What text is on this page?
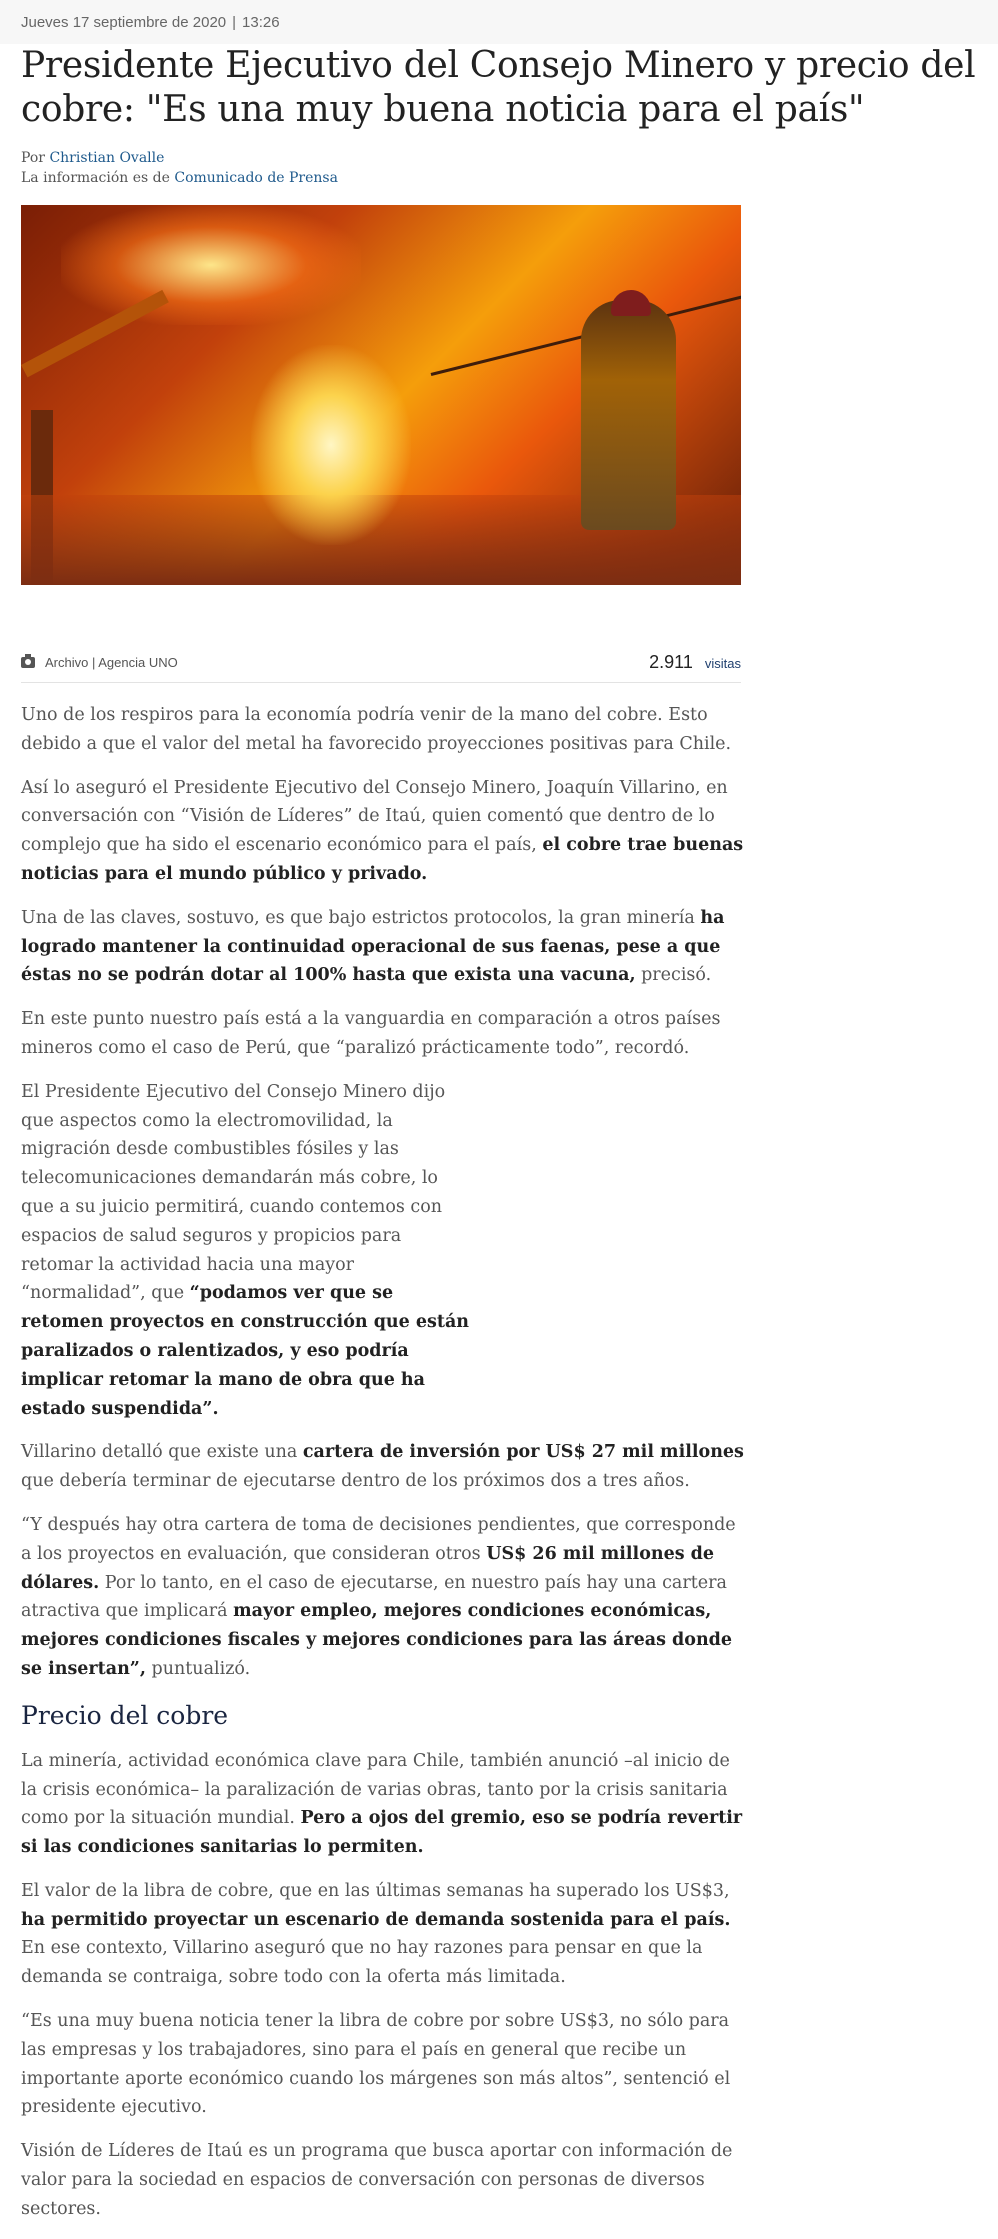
Jueves 17 septiembre de 2020 | 13:26
Presidente Ejecutivo del Consejo Minero y precio del cobre: "Es una muy buena noticia para el país"
Por Christian Ovalle
La información es de Comunicado de Prensa
Archivo | Agencia UNO	2.911 visitas

Uno de los respiros para la economía podría venir de la mano del cobre. Esto debido a que el valor del metal ha favorecido proyecciones positivas para Chile.

Así lo aseguró el Presidente Ejecutivo del Consejo Minero, Joaquín Villarino, en conversación con “Visión de Líderes” de Itaú, quien comentó que dentro de lo complejo que ha sido el escenario económico para el país, el cobre trae buenas noticias para el mundo público y privado.

Una de las claves, sostuvo, es que bajo estrictos protocolos, la gran minería ha logrado mantener la continuidad operacional de sus faenas, pese a que éstas no se podrán dotar al 100% hasta que exista una vacuna, precisó.

En este punto nuestro país está a la vanguardia en comparación a otros países mineros como el caso de Perú, que “paralizó prácticamente todo”, recordó.

El Presidente Ejecutivo del Consejo Minero dijo que aspectos como la electromovilidad, la migración desde combustibles fósiles y las telecomunicaciones demandarán más cobre, lo que a su juicio permitirá, cuando contemos con espacios de salud seguros y propicios para retomar la actividad hacia una mayor “normalidad”, que “podamos ver que se retomen proyectos en construcción que están paralizados o ralentizados, y eso podría implicar retomar la mano de obra que ha estado suspendida”.

Villarino detalló que existe una cartera de inversión por US$ 27 mil millones que debería terminar de ejecutarse dentro de los próximos dos a tres años.

“Y después hay otra cartera de toma de decisiones pendientes, que corresponde a los proyectos en evaluación, que consideran otros US$ 26 mil millones de dólares. Por lo tanto, en el caso de ejecutarse, en nuestro país hay una cartera atractiva que implicará mayor empleo, mejores condiciones económicas, mejores condiciones fiscales y mejores condiciones para las áreas donde se insertan”, puntualizó.

Precio del cobre

La minería, actividad económica clave para Chile, también anunció –al inicio de la crisis económica– la paralización de varias obras, tanto por la crisis sanitaria como por la situación mundial. Pero a ojos del gremio, eso se podría revertir si las condiciones sanitarias lo permiten.

El valor de la libra de cobre, que en las últimas semanas ha superado los US$3, ha permitido proyectar un escenario de demanda sostenida para el país. En ese contexto, Villarino aseguró que no hay razones para pensar en que la demanda se contraiga, sobre todo con la oferta más limitada.

“Es una muy buena noticia tener la libra de cobre por sobre US$3, no sólo para las empresas y los trabajadores, sino para el país en general que recibe un importante aporte económico cuando los márgenes son más altos”, sentenció el presidente ejecutivo.

Visión de Líderes de Itaú es un programa que busca aportar con información de valor para la sociedad en espacios de conversación con personas de diversos sectores.
